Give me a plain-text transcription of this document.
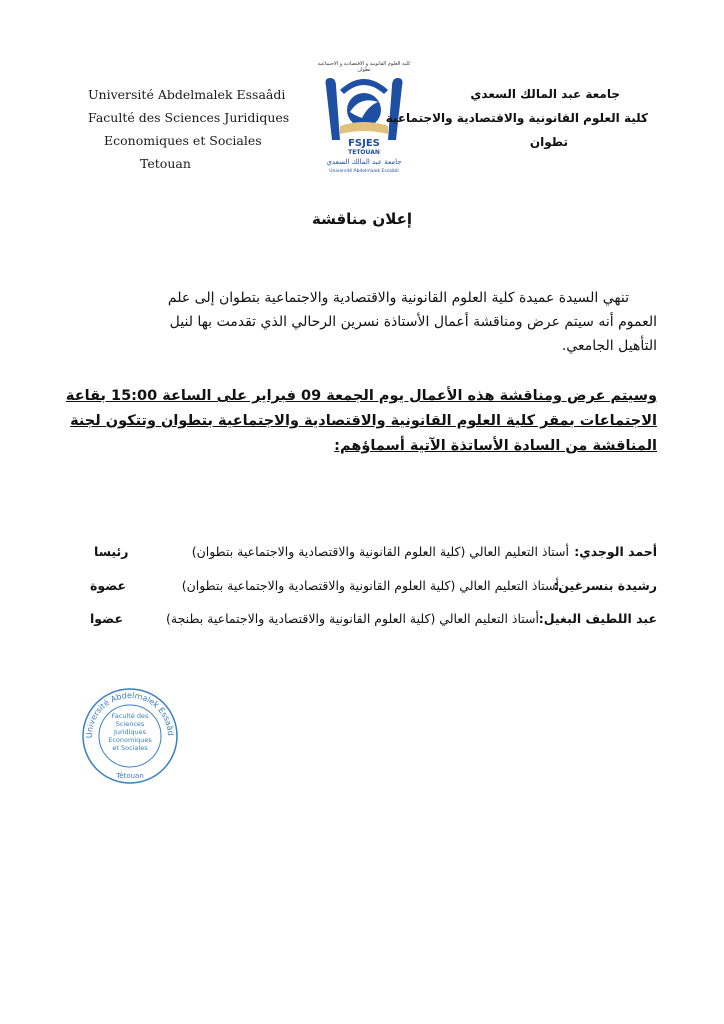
Université Abdelmalek Essaâdi
Faculté des Sciences Juridiques
Economiques et Sociales
Tetouan
كلية العلوم القانونية و الاقتصادية و الاجتماعية
تطوان
FSJES
TETOUAN
جامعة عبد المالك السعدي
Université Abdelmalek Essaâdi
جامعة عبد المالك السعدي
كلية العلوم القانونية والاقتصادية والاجتماعية
تطوان
إعلان مناقشة
تنهي السيدة عميدة كلية العلوم القانونية والاقتصادية والاجتماعية بتطوان إلى علم
العموم أنه سيتم عرض ومناقشة أعمال الأستاذة نسرين الرحالي الذي تقدمت بها لنيل
التأهيل الجامعي.
وسيتم عرض ومناقشة هذه الأعمال يوم الجمعة 09 فبراير على الساعة 15:00 بقاعة
الاجتماعات بمقر كلية العلوم القانونية والاقتصادية والاجتماعية بتطوان وتتكون لجنة
المناقشة من السادة الأساتذة الآتية أسماؤهم:
أحمد الوجدي:
أستاذ التعليم العالي (كلية العلوم القانونية والاقتصادية والاجتماعية بتطوان)
رئيسا
رشيدة بنسرغين:
أستاذ التعليم العالي (كلية العلوم القانونية والاقتصادية والاجتماعية بتطوان)
عضوة
عبد اللطيف البغيل:
أستاذ التعليم العالي (كلية العلوم القانونية والاقتصادية والاجتماعية بطنجة)
عضوا
Université Abdelmalek Essaâd
Faculté des
Sciences
Juridiques
Economiques
et Sociales
Tétouan
